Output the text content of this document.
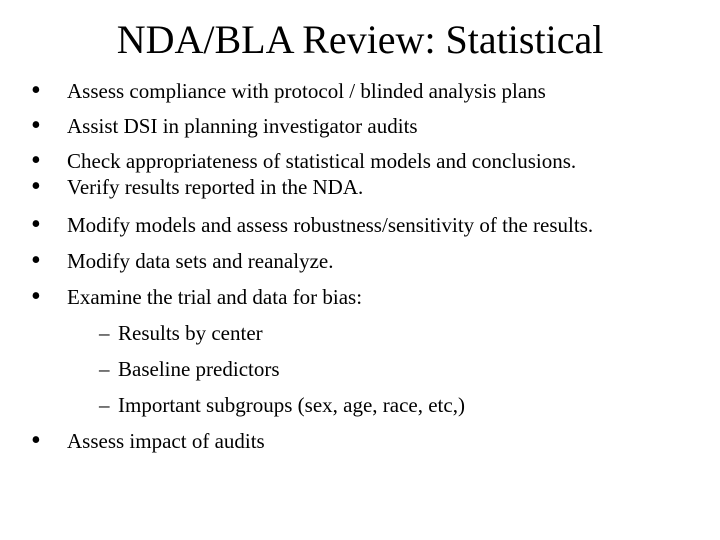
NDA/BLA Review: Statistical
• Assess compliance with protocol / blinded analysis plans
• Assist DSI in planning investigator audits
• Check appropriateness of statistical models and conclusions.
• Verify results reported in the NDA.
• Modify models and assess robustness/sensitivity of the results.
• Modify data sets and reanalyze.
• Examine the trial and data for bias:
– Results by center
– Baseline predictors
– Important subgroups (sex, age, race, etc,)
• Assess impact of audits
